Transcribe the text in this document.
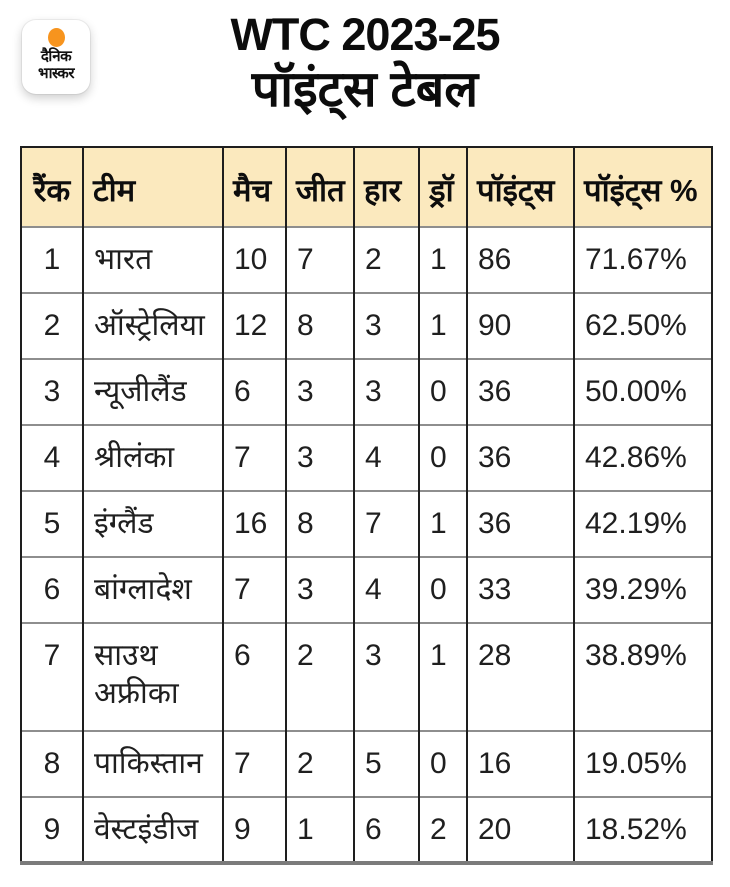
दैनिक
भास्कर
WTC 2023-25
पॉइंट्स टेबल
रैंक	टीम	मैच	जीत	हार	ड्रॉ	पॉइंट्स	पॉइंट्स %
1	भारत	10	7	2	1	86	71.67%
2	ऑस्ट्रेलिया	12	8	3	1	90	62.50%
3	न्यूजीलैंड	6	3	3	0	36	50.00%
4	श्रीलंका	7	3	4	0	36	42.86%
5	इंग्लैंड	16	8	7	1	36	42.19%
6	बांग्लादेश	7	3	4	0	33	39.29%
7	साउथ अफ्रीका	6	2	3	1	28	38.89%
8	पाकिस्तान	7	2	5	0	16	19.05%
9	वेस्टइंडीज	9	1	6	2	20	18.52%
